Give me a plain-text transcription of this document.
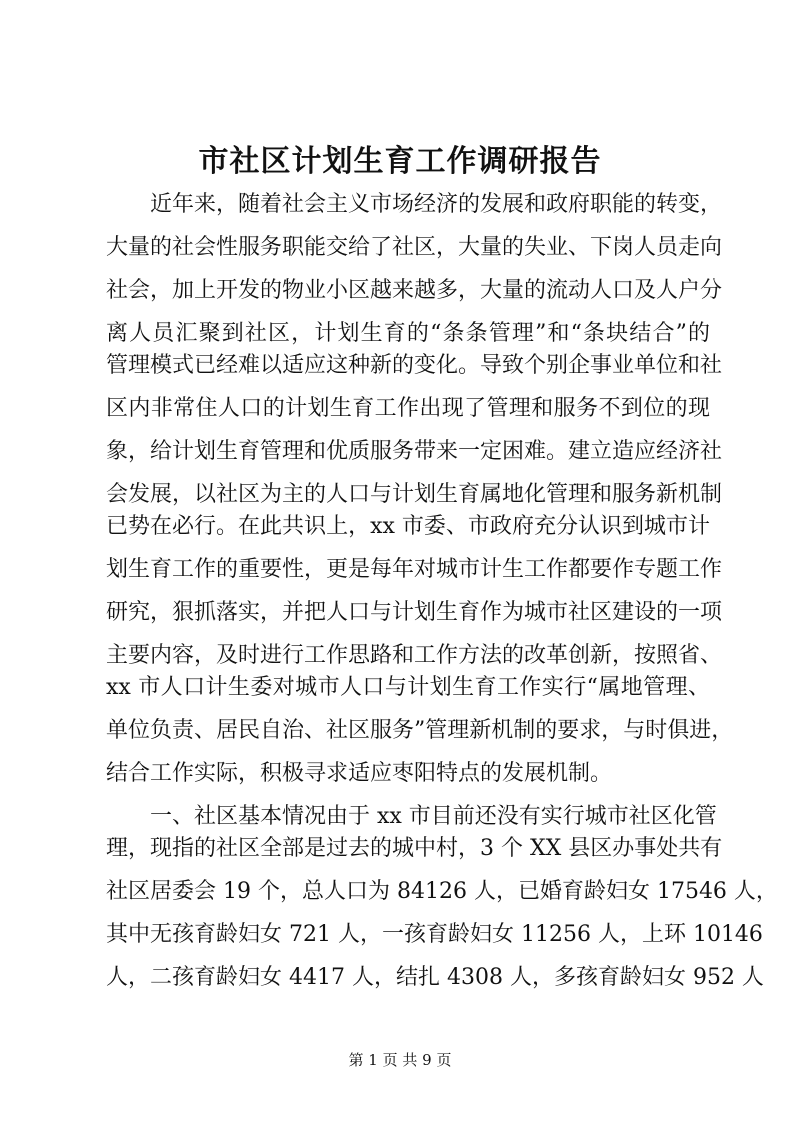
市社区计划生育工作调研报告
　　近年来，随着社会主义市场经济的发展和政府职能的转变，
大量的社会性服务职能交给了社区，大量的失业、下岗人员走向
社会，加上开发的物业小区越来越多，大量的流动人口及人户分
离人员汇聚到社区，计划生育的“条条管理”和“条块结合”的
管理模式已经难以适应这种新的变化。导致个别企事业单位和社
区内非常住人口的计划生育工作出现了管理和服务不到位的现
象，给计划生育管理和优质服务带来一定困难。建立造应经济社
会发展，以社区为主的人口与计划生育属地化管理和服务新机制
已势在必行。在此共识上，xx 市委、市政府充分认识到城市计
划生育工作的重要性，更是每年对城市计生工作都要作专题工作
研究，狠抓落实，并把人口与计划生育作为城市社区建设的一项
主要内容，及时进行工作思路和工作方法的改革创新，按照省、
xx 市人口计生委对城市人口与计划生育工作实行“属地管理、
单位负责、居民自治、社区服务”管理新机制的要求，与时俱进，
结合工作实际，积极寻求适应枣阳特点的发展机制。
　　一、社区基本情况由于 xx 市目前还没有实行城市社区化管
理，现指的社区全部是过去的城中村，3 个 XX 县区办事处共有
社区居委会 19 个，总人口为 84126 人，已婚育龄妇女 17546 人，
其中无孩育龄妇女 721 人，一孩育龄妇女 11256 人，上环 10146
人，二孩育龄妇女 4417 人，结扎 4308 人，多孩育龄妇女 952 人
第 1 页 共 9 页
